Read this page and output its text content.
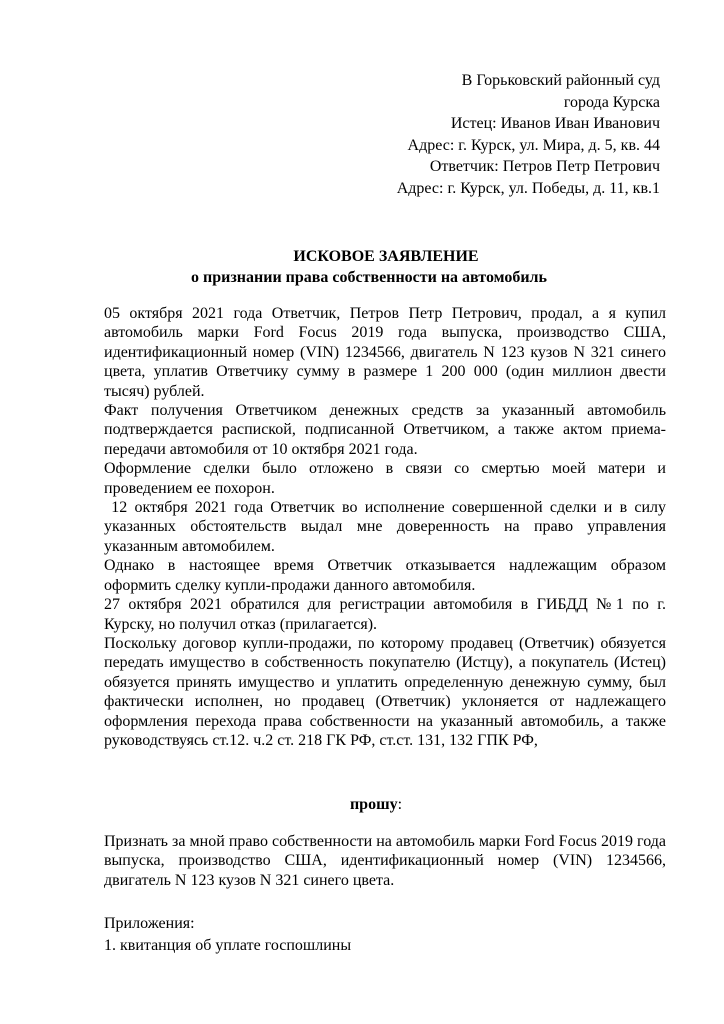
В Горьковский районный суд
города Курска
Истец: Иванов Иван Иванович
Адрес: г. Курск, ул. Мира, д. 5, кв. 44
Ответчик: Петров Петр Петрович
Адрес: г. Курск, ул. Победы, д. 11, кв.1
ИСКОВОЕ ЗАЯВЛЕНИЕ
о признании права собственности на автомобиль

05 октября 2021 года Ответчик, Петров Петр Петрович, продал, а я купил автомобиль марки Ford Focus 2019 года выпуска, производство США, идентификационный номер (VIN) 1234566, двигатель N 123 кузов N 321 синего цвета, уплатив Ответчику сумму в размере 1 200 000 (один миллион двести тысяч) рублей.

Факт получения Ответчиком денежных средств за указанный автомобиль подтверждается распиской, подписанной Ответчиком, а также актом приема-передачи автомобиля от 10 октября 2021 года.

Оформление сделки было отложено в связи со смертью моей матери и проведением ее похорон.

12 октября 2021 года Ответчик во исполнение совершенной сделки и в силу указанных обстоятельств выдал мне доверенность на право управления указанным автомобилем.

Однако в настоящее время Ответчик отказывается надлежащим образом оформить сделку купли-продажи данного автомобиля.

27 октября 2021 обратился для регистрации автомобиля в ГИБДД №1 по г. Курску, но получил отказ (прилагается).

Поскольку договор купли-продажи, по которому продавец (Ответчик) обязуется передать имущество в собственность покупателю (Истцу), а покупатель (Истец) обязуется принять имущество и уплатить определенную денежную сумму, был фактически исполнен, но продавец (Ответчик) уклоняется от надлежащего оформления перехода права собственности на указанный автомобиль, а также руководствуясь ст.12. ч.2 ст. 218 ГК РФ, ст.ст. 131, 132 ГПК РФ,

прошу:

Признать за мной право собственности на автомобиль марки Ford Focus 2019 года выпуска, производство США, идентификационный номер (VIN) 1234566, двигатель N 123 кузов N 321 синего цвета.

Приложения:
1. квитанция об уплате госпошлины
